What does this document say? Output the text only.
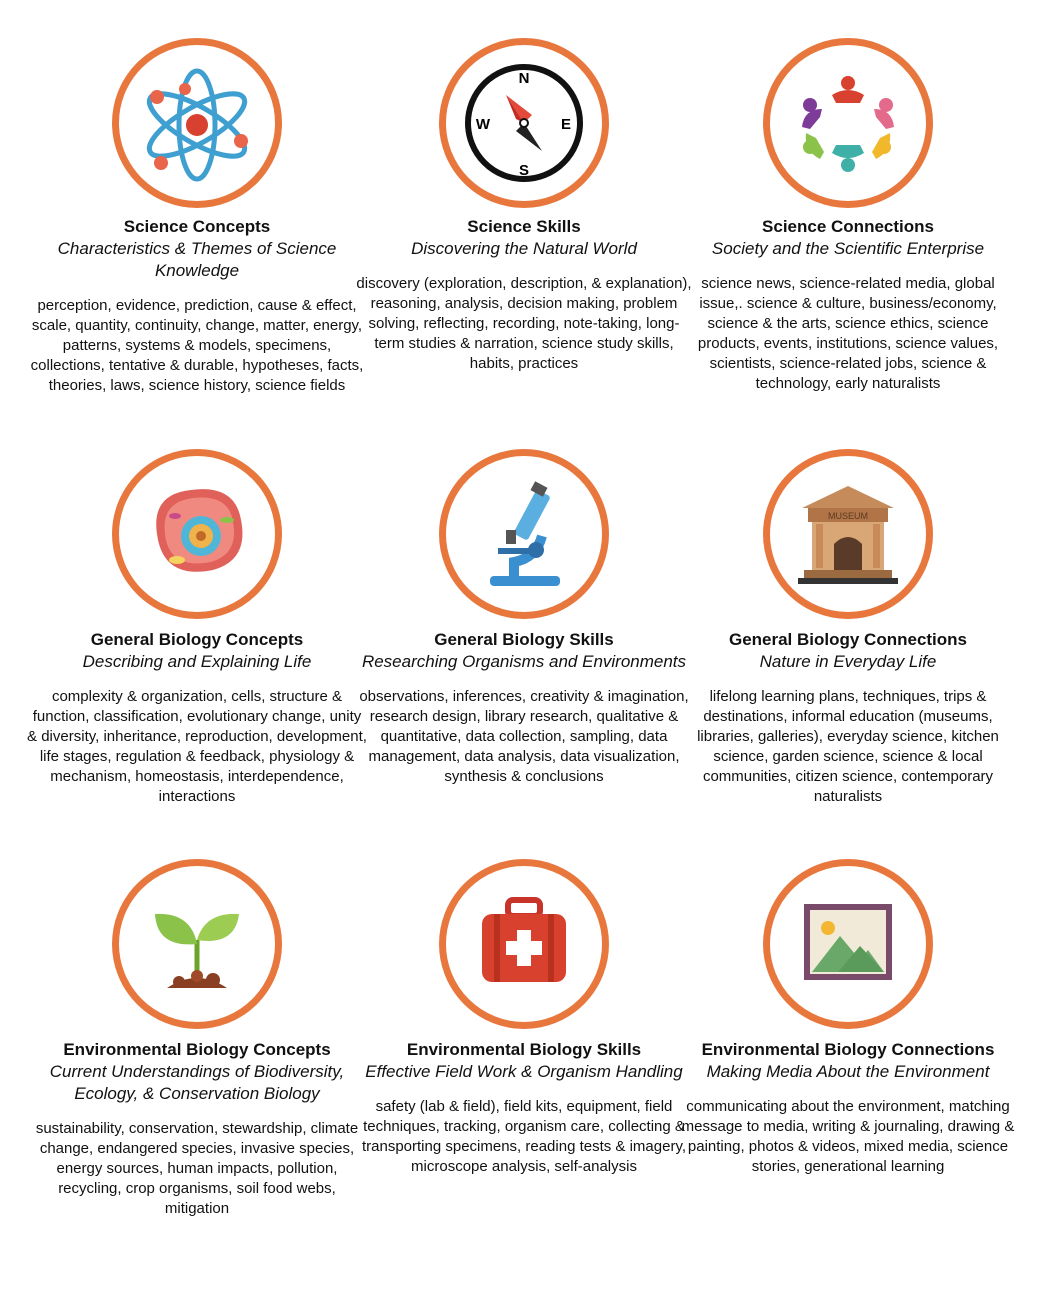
Science Concepts
Characteristics & Themes of Science Knowledge
perception, evidence, prediction, cause & effect, scale, quantity, continuity, change, matter, energy, patterns, systems & models, specimens, collections, tentative & durable, hypotheses, facts, theories, laws, science history, science fields
N
S
E
W
Science Skills
Discovering the Natural World
discovery (exploration, description, & explanation), reasoning, analysis, decision making, problem solving, reflecting, recording, note-taking, long-term studies & narration, science study skills, habits, practices
Science Connections
Society and the Scientific Enterprise
science news, science-related media, global issue,. science & culture, business/economy, science & the arts, science ethics, science products, events, institutions, science values, scientists, science-related jobs, science & technology, early naturalists
General Biology Concepts
Describing and Explaining Life
complexity & organization, cells, structure & function, classification, evolutionary change, unity & diversity, inheritance, reproduction, development, life stages, regulation & feedback, physiology & mechanism, homeostasis, interdependence, interactions
General Biology Skills
Researching Organisms and Environments
observations, inferences, creativity & imagination, research design, library research, qualitative & quantitative, data collection, sampling, data management, data analysis, data visualization, synthesis & conclusions
MUSEUM
General Biology Connections
Nature in Everyday Life
lifelong learning plans, techniques, trips & destinations, informal education (museums, libraries, galleries), everyday science, kitchen science, garden science, science & local communities, citizen science, contemporary naturalists
Environmental Biology Concepts
Current Understandings of Biodiversity, Ecology, & Conservation Biology
sustainability, conservation, stewardship, climate change, endangered species, invasive species, energy sources, human impacts, pollution, recycling, crop organisms, soil food webs, mitigation
Environmental Biology Skills
Effective Field Work & Organism Handling
safety (lab & field), field kits, equipment, field techniques, tracking, organism care, collecting & transporting specimens, reading tests & imagery, microscope analysis, self-analysis
Environmental Biology Connections
Making Media About the Environment
communicating about the environment, matching message to media, writing & journaling, drawing & painting, photos & videos, mixed media, science stories, generational learning
